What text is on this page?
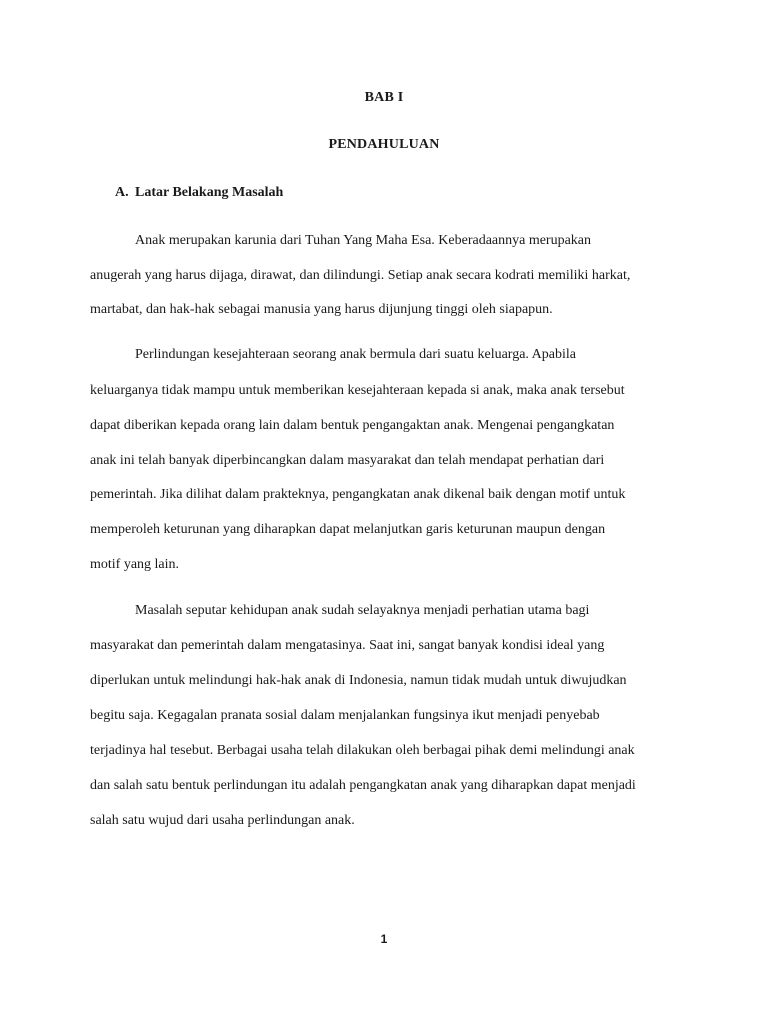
BAB I
PENDAHULUAN
A. Latar Belakang Masalah
Anak merupakan karunia dari Tuhan Yang Maha Esa. Keberadaannya merupakan
anugerah yang harus dijaga, dirawat, dan dilindungi. Setiap anak secara kodrati memiliki harkat,
martabat, dan hak-hak sebagai manusia yang harus dijunjung tinggi oleh siapapun.
Perlindungan kesejahteraan seorang anak bermula dari suatu keluarga. Apabila
keluarganya tidak mampu untuk memberikan kesejahteraan kepada si anak, maka anak tersebut
dapat diberikan kepada orang lain dalam bentuk pengangaktan anak. Mengenai pengangkatan
anak ini telah banyak diperbincangkan dalam masyarakat dan telah mendapat perhatian dari
pemerintah. Jika dilihat dalam prakteknya, pengangkatan anak dikenal baik dengan motif untuk
memperoleh keturunan yang diharapkan dapat melanjutkan garis keturunan maupun dengan
motif yang lain.
Masalah seputar kehidupan anak sudah selayaknya menjadi perhatian utama bagi
masyarakat dan pemerintah dalam mengatasinya. Saat ini, sangat banyak kondisi ideal yang
diperlukan untuk melindungi hak-hak anak di Indonesia, namun tidak mudah untuk diwujudkan
begitu saja. Kegagalan pranata sosial dalam menjalankan fungsinya ikut menjadi penyebab
terjadinya hal tesebut. Berbagai usaha telah dilakukan oleh berbagai pihak demi melindungi anak
dan salah satu bentuk perlindungan itu adalah pengangkatan anak yang diharapkan dapat menjadi
salah satu wujud dari usaha perlindungan anak.
1
